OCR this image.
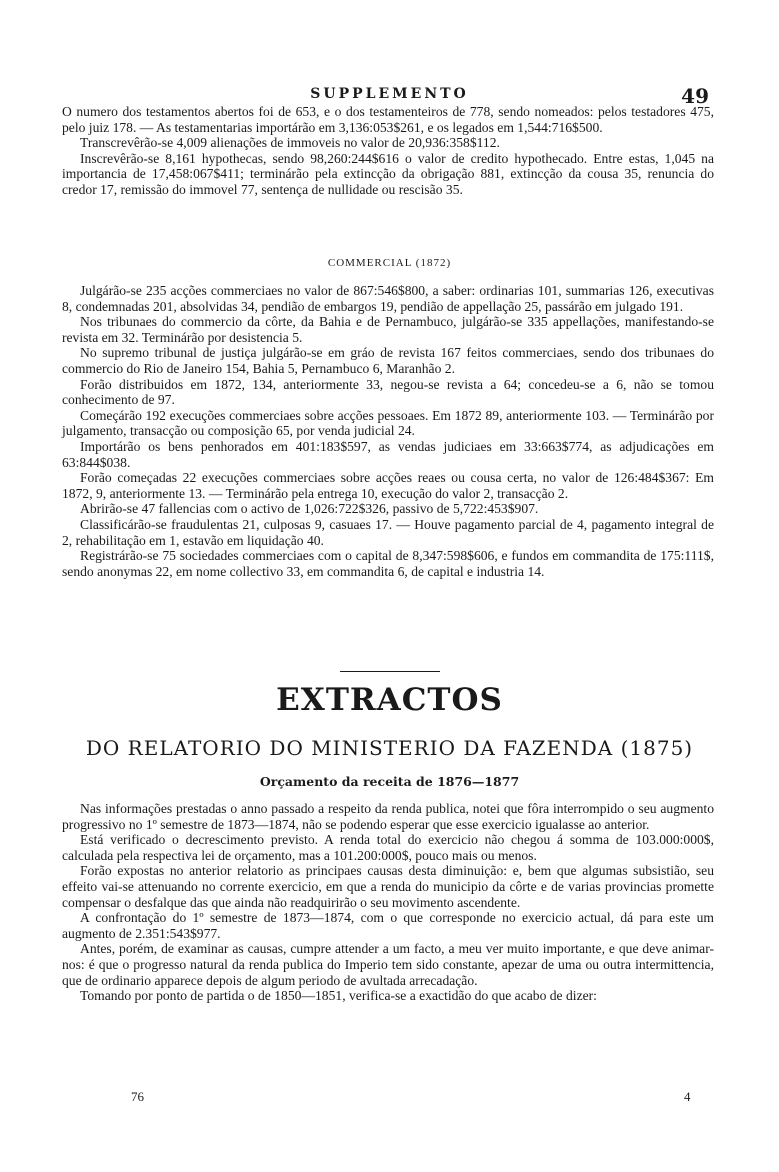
SUPPLEMENTO	49

O numero dos testamentos abertos foi de 653, e o dos testamenteiros de 778, sendo nomeados: pelos testadores 475, pelo juiz 178. — As testamentarias importárão em 3,136:053$261, e os legados em 1,544:716$500.

Transcrevêrão-se 4,009 alienações de immoveis no valor de 20,936:358$112.

Inscrevêrão-se 8,161 hypothecas, sendo 98,260:244$616 o valor de credito hypothecado. Entre estas, 1,045 na importancia de 17,458:067$411; terminárão pela extincção da obrigação 881, extincção da cousa 35, renuncia do credor 17, remissão do immovel 77, sentença de nullidade ou rescisão 35.

COMMERCIAL (1872)

Julgárão-se 235 acções commerciaes no valor de 867:546$800, a saber: ordinarias 101, summarias 126, executivas 8, condemnadas 201, absolvidas 34, pendião de embargos 19, pendião de appellação 25, passárão em julgado 191.

Nos tribunaes do commercio da côrte, da Bahia e de Pernambuco, julgárão-se 335 appellações, manifestando-se revista em 32. Terminárão por desistencia 5.

No supremo tribunal de justiça julgárão-se em gráo de revista 167 feitos commerciaes, sendo dos tribunaes do commercio do Rio de Janeiro 154, Bahia 5, Pernambuco 6, Maranhão 2.

Forão distribuidos em 1872, 134, anteriormente 33, negou-se revista a 64; concedeu-se a 6, não se tomou conhecimento de 97.

Começárão 192 execuções commerciaes sobre acções pessoaes. Em 1872 89, anteriormente 103. — Terminárão por julgamento, transacção ou composição 65, por venda judicial 24.

Importárão os bens penhorados em 401:183$597, as vendas judiciaes em 33:663$774, as adjudicações em 63:844$038.

Forão começadas 22 execuções commerciaes sobre acções reaes ou cousa certa, no valor de 126:484$367: Em 1872, 9, anteriormente 13. — Terminárão pela entrega 10, execução do valor 2, transacção 2.

Abrirão-se 47 fallencias com o activo de 1,026:722$326, passivo de 5,722:453$907.

Classificárão-se fraudulentas 21, culposas 9, casuaes 17. — Houve pagamento parcial de 4, pagamento integral de 2, rehabilitação em 1, estavão em liquidação 40.

Registrárão-se 75 sociedades commerciaes com o capital de 8,347:598$606, e fundos em commandita de 175:111$, sendo anonymas 22, em nome collectivo 33, em commandita 6, de capital e industria 14.

EXTRACTOS
DO RELATORIO DO MINISTERIO DA FAZENDA (1875)
Orçamento da receita de 1876—1877

Nas informações prestadas o anno passado a respeito da renda publica, notei que fôra interrompido o seu augmento progressivo no 1º semestre de 1873—1874, não se podendo esperar que esse exercicio igualasse ao anterior.

Está verificado o decrescimento previsto. A renda total do exercicio não chegou á somma de 103.000:000$, calculada pela respectiva lei de orçamento, mas a 101.200:000$, pouco mais ou menos.

Forão expostas no anterior relatorio as principaes causas desta diminuição: e, bem que algumas subsistião, seu effeito vai-se attenuando no corrente exercicio, em que a renda do municipio da côrte e de varias provincias promette compensar o desfalque das que ainda não readquirirão o seu movimento ascendente.

A confrontação do 1º semestre de 1873—1874, com o que corresponde no exercicio actual, dá para este um augmento de 2.351:543$977.

Antes, porém, de examinar as causas, cumpre attender a um facto, a meu ver muito importante, e que deve animar-nos: é que o progresso natural da renda publica do Imperio tem sido constante, apezar de uma ou outra intermittencia, que de ordinario apparece depois de algum periodo de avultada arrecadação.

Tomando por ponto de partida o de 1850—1851, verifica-se a exactidão do que acabo de dizer:

76	4
